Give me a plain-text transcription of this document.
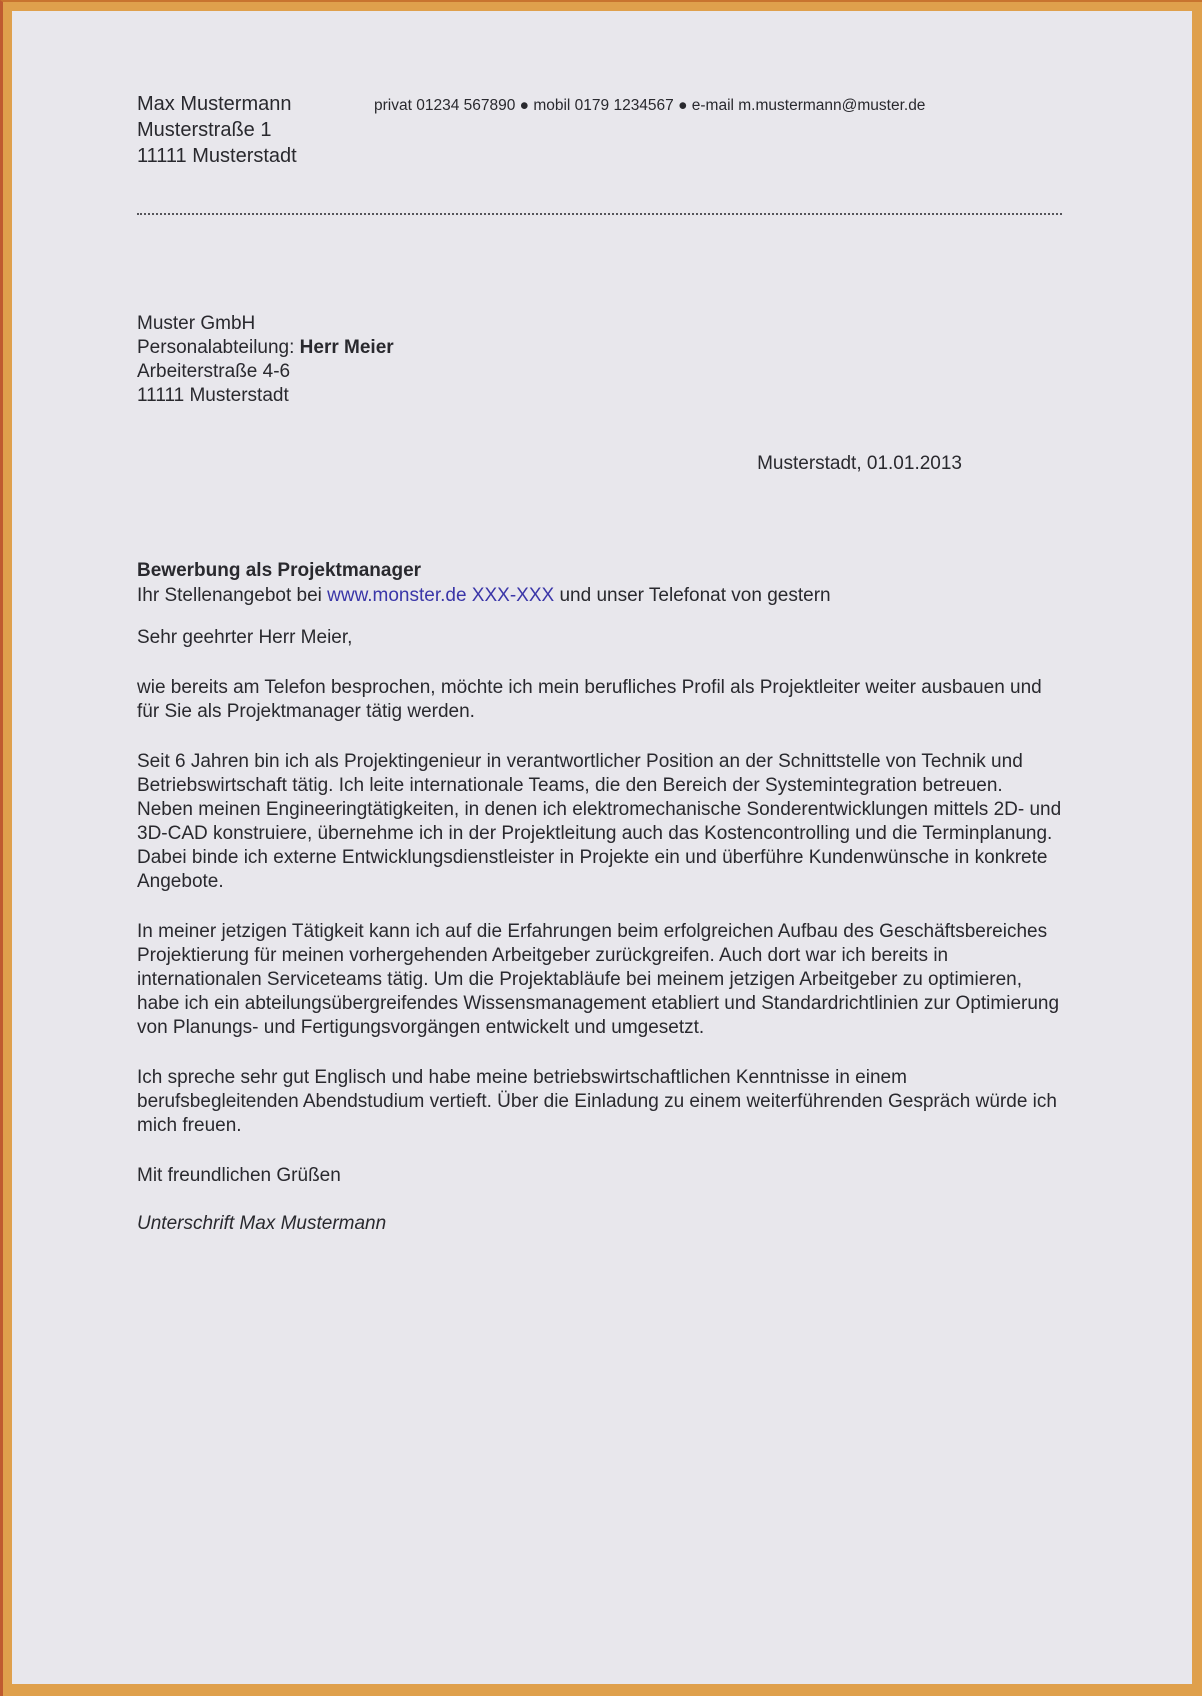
Max Mustermann
Musterstraße 1
11111 Musterstadt
privat 01234 567890 ● mobil 0179 1234567 ● e-mail m.mustermann@muster.de
Muster GmbH
Personalabteilung: Herr Meier
Arbeiterstraße 4-6
11111 Musterstadt
Musterstadt, 01.01.2013
Bewerbung als Projektmanager
Ihr Stellenangebot bei www.monster.de XXX-XXX und unser Telefonat von gestern
Sehr geehrter Herr Meier,

wie bereits am Telefon besprochen, möchte ich mein berufliches Profil als Projektleiter weiter ausbauen und für Sie als Projektmanager tätig werden.

Seit 6 Jahren bin ich als Projektingenieur in verantwortlicher Position an der Schnittstelle von Technik und Betriebswirtschaft tätig. Ich leite internationale Teams, die den Bereich der Systemintegration betreuen. Neben meinen Engineeringtätigkeiten, in denen ich elektromechanische Sonderentwicklungen mittels 2D- und 3D-CAD konstruiere, übernehme ich in der Projektleitung auch das Kostencontrolling und die Terminplanung. Dabei binde ich externe Entwicklungsdienstleister in Projekte ein und überführe Kundenwünsche in konkrete Angebote.

In meiner jetzigen Tätigkeit kann ich auf die Erfahrungen beim erfolgreichen Aufbau des Geschäftsbereiches Projektierung für meinen vorhergehenden Arbeitgeber zurückgreifen. Auch dort war ich bereits in internationalen Serviceteams tätig. Um die Projektabläufe bei meinem jetzigen Arbeitgeber zu optimieren, habe ich ein abteilungsübergreifendes Wissensmanagement etabliert und Standardrichtlinien zur Optimierung von Planungs- und Fertigungsvorgängen entwickelt und umgesetzt.

Ich spreche sehr gut Englisch und habe meine betriebswirtschaftlichen Kenntnisse in einem berufsbegleitenden Abendstudium vertieft. Über die Einladung zu einem weiterführenden Gespräch würde ich mich freuen.

Mit freundlichen Grüßen
Unterschrift Max Mustermann
